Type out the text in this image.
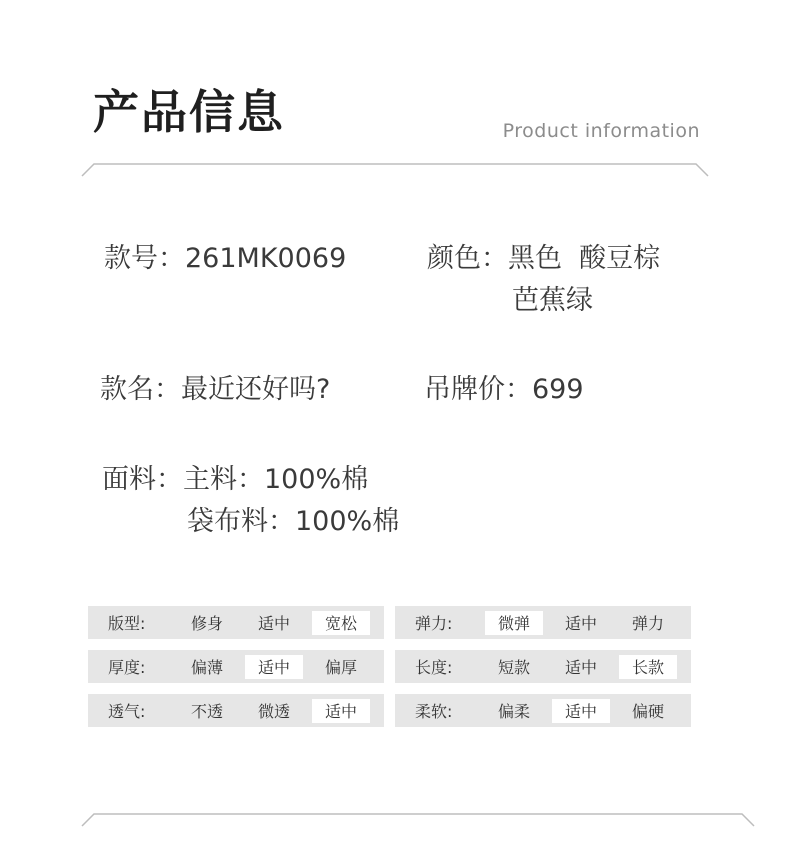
产品信息	Product information
款号：261MK0069	颜色：黑色  酸豆棕
芭蕉绿
款名：最近还好吗?	吊牌价：699
面料：主料：100%棉
袋布料：100%棉
版型:	修身	适中	宽松	弹力:	微弹	适中	弹力
厚度:	偏薄	适中	偏厚	长度:	短款	适中	长款
透气:	不透	微透	适中	柔软:	偏柔	适中	偏硬
